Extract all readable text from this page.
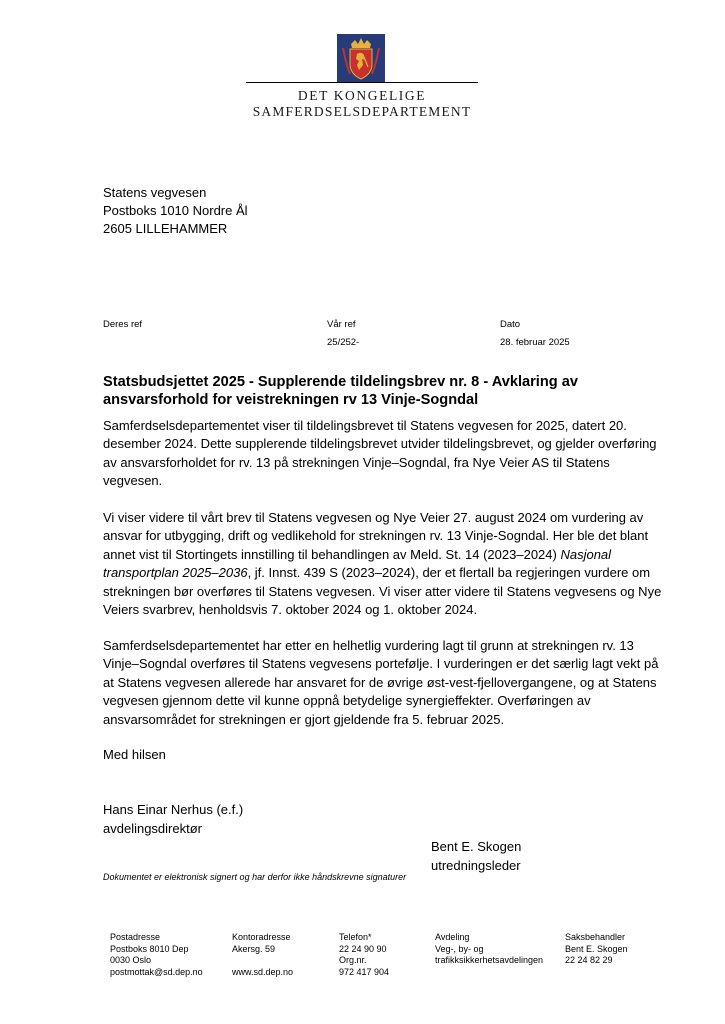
DET KONGELIGE
SAMFERDSELSDEPARTEMENT
Statens vegvesen
Postboks 1010 Nordre Ål
2605 LILLEHAMMER
Deres ref	Vår ref
25/252-
Dato
28. februar 2025
Statsbudsjettet 2025 - Supplerende tildelingsbrev nr. 8 - Avklaring av ansvarsforhold for veistrekningen rv 13 Vinje-Sogndal

Samferdselsdepartementet viser til tildelingsbrevet til Statens vegvesen for 2025, datert 20. desember 2024. Dette supplerende tildelingsbrevet utvider tildelingsbrevet, og gjelder overføring av ansvarsforholdet for rv. 13 på strekningen Vinje–Sogndal, fra Nye Veier AS til Statens vegvesen.

Vi viser videre til vårt brev til Statens vegvesen og Nye Veier 27. august 2024 om vurdering av ansvar for utbygging, drift og vedlikehold for strekningen rv. 13 Vinje-Sogndal. Her ble det blant annet vist til Stortingets innstilling til behandlingen av Meld. St. 14 (2023–2024) Nasjonal transportplan 2025–2036, jf. Innst. 439 S (2023–2024), der et flertall ba regjeringen vurdere om strekningen bør overføres til Statens vegvesen. Vi viser atter videre til Statens vegvesens og Nye Veiers svarbrev, henholdsvis 7. oktober 2024 og 1. oktober 2024.

Samferdselsdepartementet har etter en helhetlig vurdering lagt til grunn at strekningen rv. 13 Vinje–Sogndal overføres til Statens vegvesens portefølje. I vurderingen er det særlig lagt vekt på at Statens vegvesen allerede har ansvaret for de øvrige øst-vest-fjellovergangene, og at Statens vegvesen gjennom dette vil kunne oppnå betydelige synergieffekter. Overføringen av ansvarsområdet for strekningen er gjort gjeldende fra 5. februar 2025.

Med hilsen
Hans Einar Nerhus (e.f.)
avdelingsdirektør
Bent E. Skogen
utredningsleder
Dokumentet er elektronisk signert og har derfor ikke håndskrevne signaturer
Postadresse
Postboks 8010 Dep
0030 Oslo
postmottak@sd.dep.no
Kontoradresse
Akersg. 59

www.sd.dep.no
Telefon*
22 24 90 90
Org.nr.
972 417 904
Avdeling
Veg-, by- og
trafikksikkerhetsavdelingen
Saksbehandler
Bent E. Skogen
22 24 82 29
